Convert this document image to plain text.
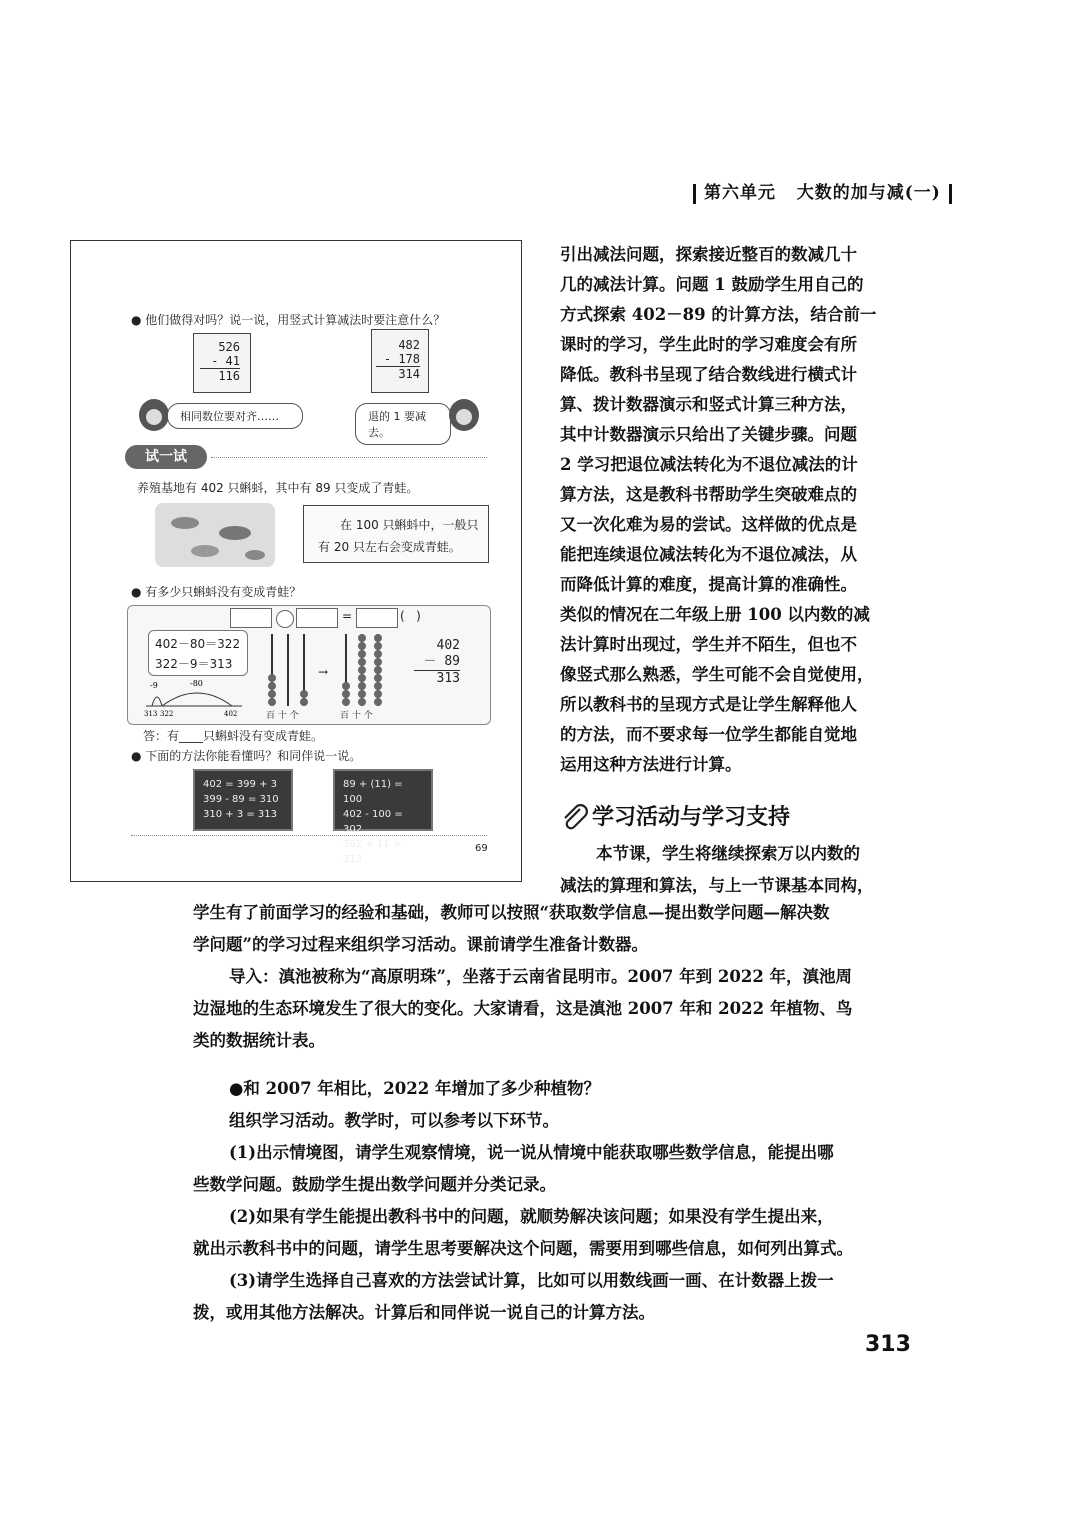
第六单元 大数的加与减(一)
● 他们做得对吗？说一说，用竖式计算减法时要注意什么？
526
- 41
116
482
- 178
314
相同数位要对齐……	退的 1 要减去。
试一试
养殖基地有 402 只蝌蚪，其中有 89 只变成了青蛙。
在 100 只蝌蚪中，一般只
有 20 只左右会变成青蛙。
● 有多少只蝌蚪没有变成青蛙？
=	(   )
402－80＝322
322－9＝313
-9	-80
313 322	402
→
百 十 个	百 十 个
402
－ 89
313
答：有____只蝌蚪没有变成青蛙。
● 下面的方法你能看懂吗？和同伴说一说。
402 = 399 + 3
399 - 89 = 310
310 + 3 = 313
89 + (11) = 100
402 - 100 = 302
302 + 11 = 313
69
引出减法问题，探索接近整百的数减几十
几的减法计算。问题 1 鼓励学生用自己的
方式探索 402－89 的计算方法，结合前一
课时的学习，学生此时的学习难度会有所
降低。教科书呈现了结合数线进行横式计
算、拨计数器演示和竖式计算三种方法，
其中计数器演示只给出了关键步骤。问题
2 学习把退位减法转化为不退位减法的计
算方法，这是教科书帮助学生突破难点的
又一次化难为易的尝试。这样做的优点是
能把连续退位减法转化为不退位减法，从
而降低计算的难度，提高计算的准确性。
类似的情况在二年级上册 100 以内数的减
法计算时出现过，学生并不陌生，但也不
像竖式那么熟悉，学生可能不会自觉使用，
所以教科书的呈现方式是让学生解释他人
的方法，而不要求每一位学生都能自觉地
运用这种方法进行计算。
学习活动与学习支持
本节课，学生将继续探索万以内数的
减法的算理和算法，与上一节课基本同构，
学生有了前面学习的经验和基础，教师可以按照“获取数学信息—提出数学问题—解决数
学问题”的学习过程来组织学习活动。课前请学生准备计数器。
导入：滇池被称为“高原明珠”，坐落于云南省昆明市。2007 年到 2022 年，滇池周
边湿地的生态环境发生了很大的变化。大家请看，这是滇池 2007 年和 2022 年植物、鸟
类的数据统计表。
●和 2007 年相比，2022 年增加了多少种植物？
组织学习活动。教学时，可以参考以下环节。
(1)出示情境图，请学生观察情境，说一说从情境中能获取哪些数学信息，能提出哪
些数学问题。鼓励学生提出数学问题并分类记录。
(2)如果有学生能提出教科书中的问题，就顺势解决该问题；如果没有学生提出来，
就出示教科书中的问题，请学生思考要解决这个问题，需要用到哪些信息，如何列出算式。
(3)请学生选择自己喜欢的方法尝试计算，比如可以用数线画一画、在计数器上拨一
拨，或用其他方法解决。计算后和同伴说一说自己的计算方法。
313
